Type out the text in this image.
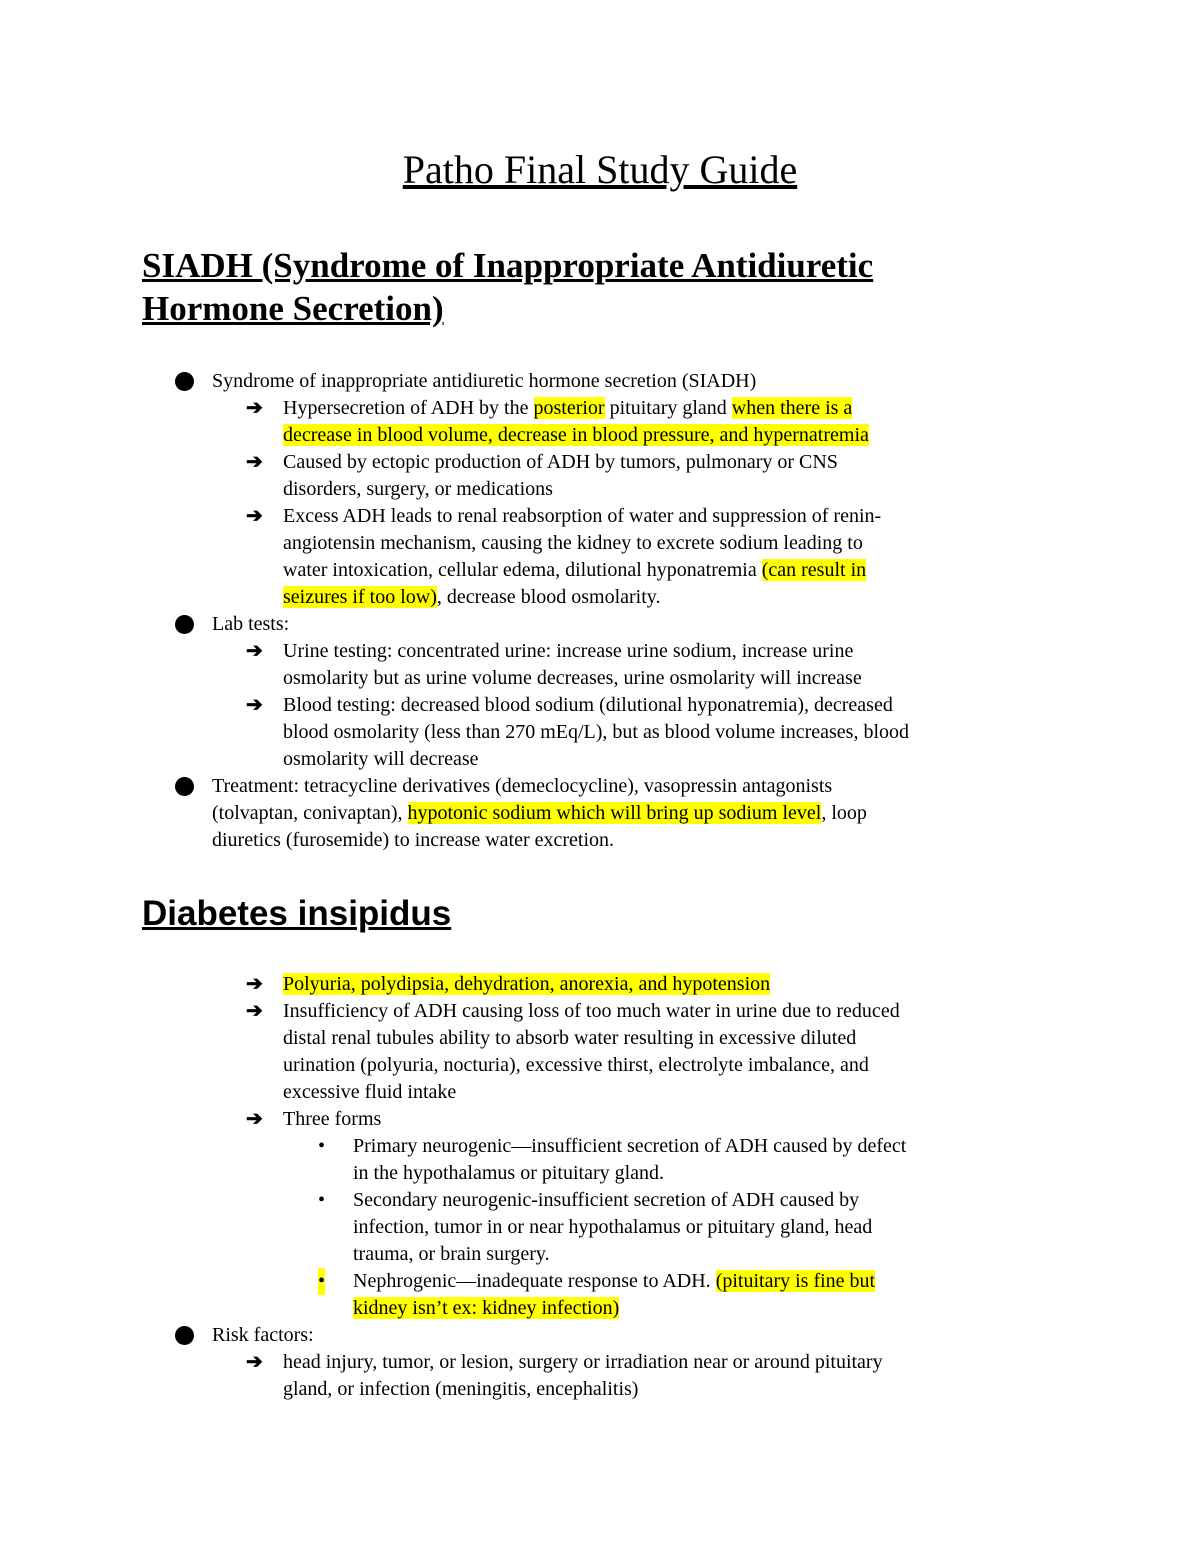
Patho Final Study Guide
SIADH (Syndrome of Inappropriate Antidiuretic
Hormone Secretion)
Syndrome of inappropriate antidiuretic hormone secretion (SIADH)
➔ Hypersecretion of ADH by the posterior pituitary gland when there is a
decrease in blood volume, decrease in blood pressure, and hypernatremia
➔ Caused by ectopic production of ADH by tumors, pulmonary or CNS
disorders, surgery, or medications
➔ Excess ADH leads to renal reabsorption of water and suppression of renin-
angiotensin mechanism, causing the kidney to excrete sodium leading to
water intoxication, cellular edema, dilutional hyponatremia (can result in
seizures if too low), decrease blood osmolarity.
Lab tests:
➔ Urine testing: concentrated urine: increase urine sodium, increase urine
osmolarity but as urine volume decreases, urine osmolarity will increase
➔ Blood testing: decreased blood sodium (dilutional hyponatremia), decreased
blood osmolarity (less than 270 mEq/L), but as blood volume increases, blood
osmolarity will decrease
Treatment: tetracycline derivatives (demeclocycline), vasopressin antagonists
(tolvaptan, conivaptan), hypotonic sodium which will bring up sodium level, loop
diuretics (furosemide) to increase water excretion.
Diabetes insipidus
➔ Polyuria, polydipsia, dehydration, anorexia, and hypotension
➔ Insufficiency of ADH causing loss of too much water in urine due to reduced
distal renal tubules ability to absorb water resulting in excessive diluted
urination (polyuria, nocturia), excessive thirst, electrolyte imbalance, and
excessive fluid intake
➔ Three forms
• Primary neurogenic—insufficient secretion of ADH caused by defect
in the hypothalamus or pituitary gland.
• Secondary neurogenic-insufficient secretion of ADH caused by
infection, tumor in or near hypothalamus or pituitary gland, head
trauma, or brain surgery.
• Nephrogenic—inadequate response to ADH. (pituitary is fine but
kidney isn’t ex: kidney infection)
Risk factors:
➔ head injury, tumor, or lesion, surgery or irradiation near or around pituitary
gland, or infection (meningitis, encephalitis)
